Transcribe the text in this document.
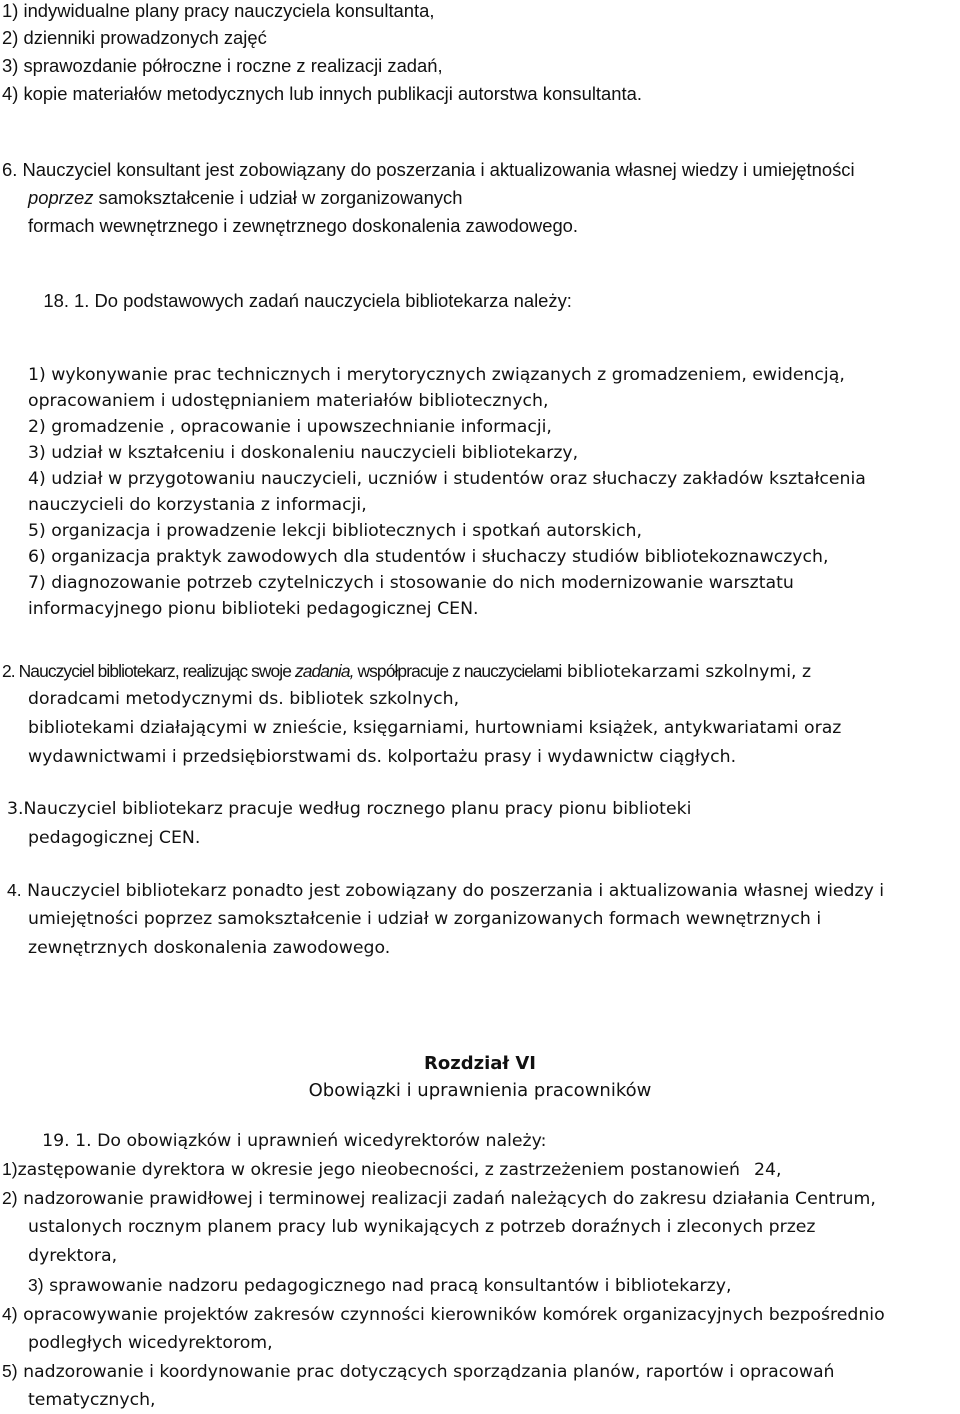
1) indywidualne plany pracy nauczyciela konsultanta,

2) dzienniki prowadzonych zajęć

3) sprawozdanie półroczne i roczne z realizacji zadań,

4) kopie materiałów metodycznych lub innych publikacji autorstwa konsultanta.

6. Nauczyciel konsultant jest zobowiązany do poszerzania i aktualizowania własnej wiedzy i umiejętności

poprzez samokształcenie i udział w zorganizowanych

formach wewnętrznego i zewnętrznego doskonalenia zawodowego.

§ 18. 1. Do podstawowych zadań nauczyciela bibliotekarza należy:

1) wykonywanie prac technicznych i merytorycznych związanych z gromadzeniem, ewidencją,

opracowaniem i udostępnianiem materiałów bibliotecznych,

2) gromadzenie , opracowanie i upowszechnianie informacji,

3) udział w kształceniu i doskonaleniu nauczycieli bibliotekarzy,

4) udział w przygotowaniu nauczycieli, uczniów i studentów oraz słuchaczy zakładów kształcenia

nauczycieli do korzystania z informacji,

5) organizacja i prowadzenie lekcji bibliotecznych i spotkań autorskich,

6) organizacja praktyk zawodowych dla studentów i słuchaczy studiów bibliotekoznawczych,

7) diagnozowanie potrzeb czytelniczych i stosowanie do nich modernizowanie warsztatu

informacyjnego pionu biblioteki pedagogicznej CEN.

2. Nauczyciel bibliotekarz, realizując swoje zadania, współpracuje z nauczycielami bibliotekarzami szkolnymi, z

doradcami metodycznymi ds. bibliotek szkolnych,

bibliotekami działającymi w znieście, księgarniami, hurtowniami książek, antykwariatami oraz

wydawnictwami i przedsiębiorstwami ds. kolportażu prasy i wydawnictw ciągłych.

3.Nauczyciel bibliotekarz pracuje według rocznego planu pracy pionu biblioteki

pedagogicznej CEN.

4. Nauczyciel bibliotekarz ponadto jest zobowiązany do poszerzania i aktualizowania własnej wiedzy i

umiejętności poprzez samokształcenie i udział w zorganizowanych formach wewnętrznych i

zewnętrznych doskonalenia zawodowego.

Rozdział VI

Obowiązki i uprawnienia pracowników

§ 19. 1. Do obowiązków i uprawnień wicedyrektorów należy:

1)zastępowanie dyrektora w okresie jego nieobecności, z zastrzeżeniem postanowień §24,

2) nadzorowanie prawidłowej i terminowej realizacji zadań należących do zakresu działania Centrum,

ustalonych rocznym planem pracy lub wynikających z potrzeb doraźnych i zleconych przez

dyrektora,

3) sprawowanie nadzoru pedagogicznego nad pracą konsultantów i bibliotekarzy,

4) opracowywanie projektów zakresów czynności kierowników komórek organizacyjnych bezpośrednio

podległych wicedyrektorom,

5) nadzorowanie i koordynowanie prac dotyczących sporządzania planów, raportów i opracowań

tematycznych,
